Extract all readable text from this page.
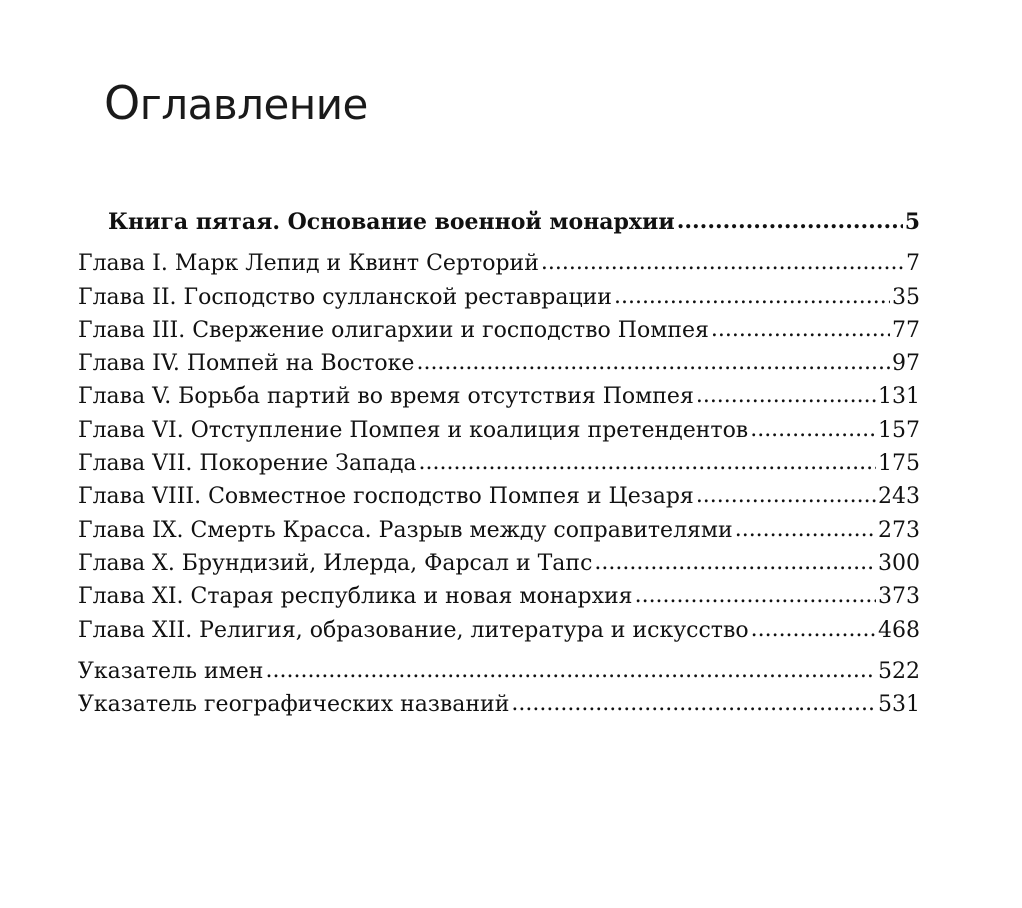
Оглавление
Книга пятая. Основание военной монархии .....	5
Глава I. Марк Лепид и Квинт Серторий .....	7
Глава II. Господство сулланской реставрации .....	35
Глава III. Свержение олигархии и господство Помпея .....	77
Глава IV. Помпей на Востоке .....	97
Глава V. Борьба партий во время отсутствия Помпея .....	131
Глава VI. Отступление Помпея и коалиция претендентов .....	157
Глава VII. Покорение Запада .....	175
Глава VIII. Совместное господство Помпея и Цезаря .....	243
Глава IX. Смерть Красса. Разрыв между соправителями .....	273
Глава X. Брундизий, Илерда, Фарсал и Тапс .....	300
Глава XI. Старая республика и новая монархия .....	373
Глава XII. Религия, образование, литература и искусство .....	468
Указатель имен .....	522
Указатель географических названий .....	531
